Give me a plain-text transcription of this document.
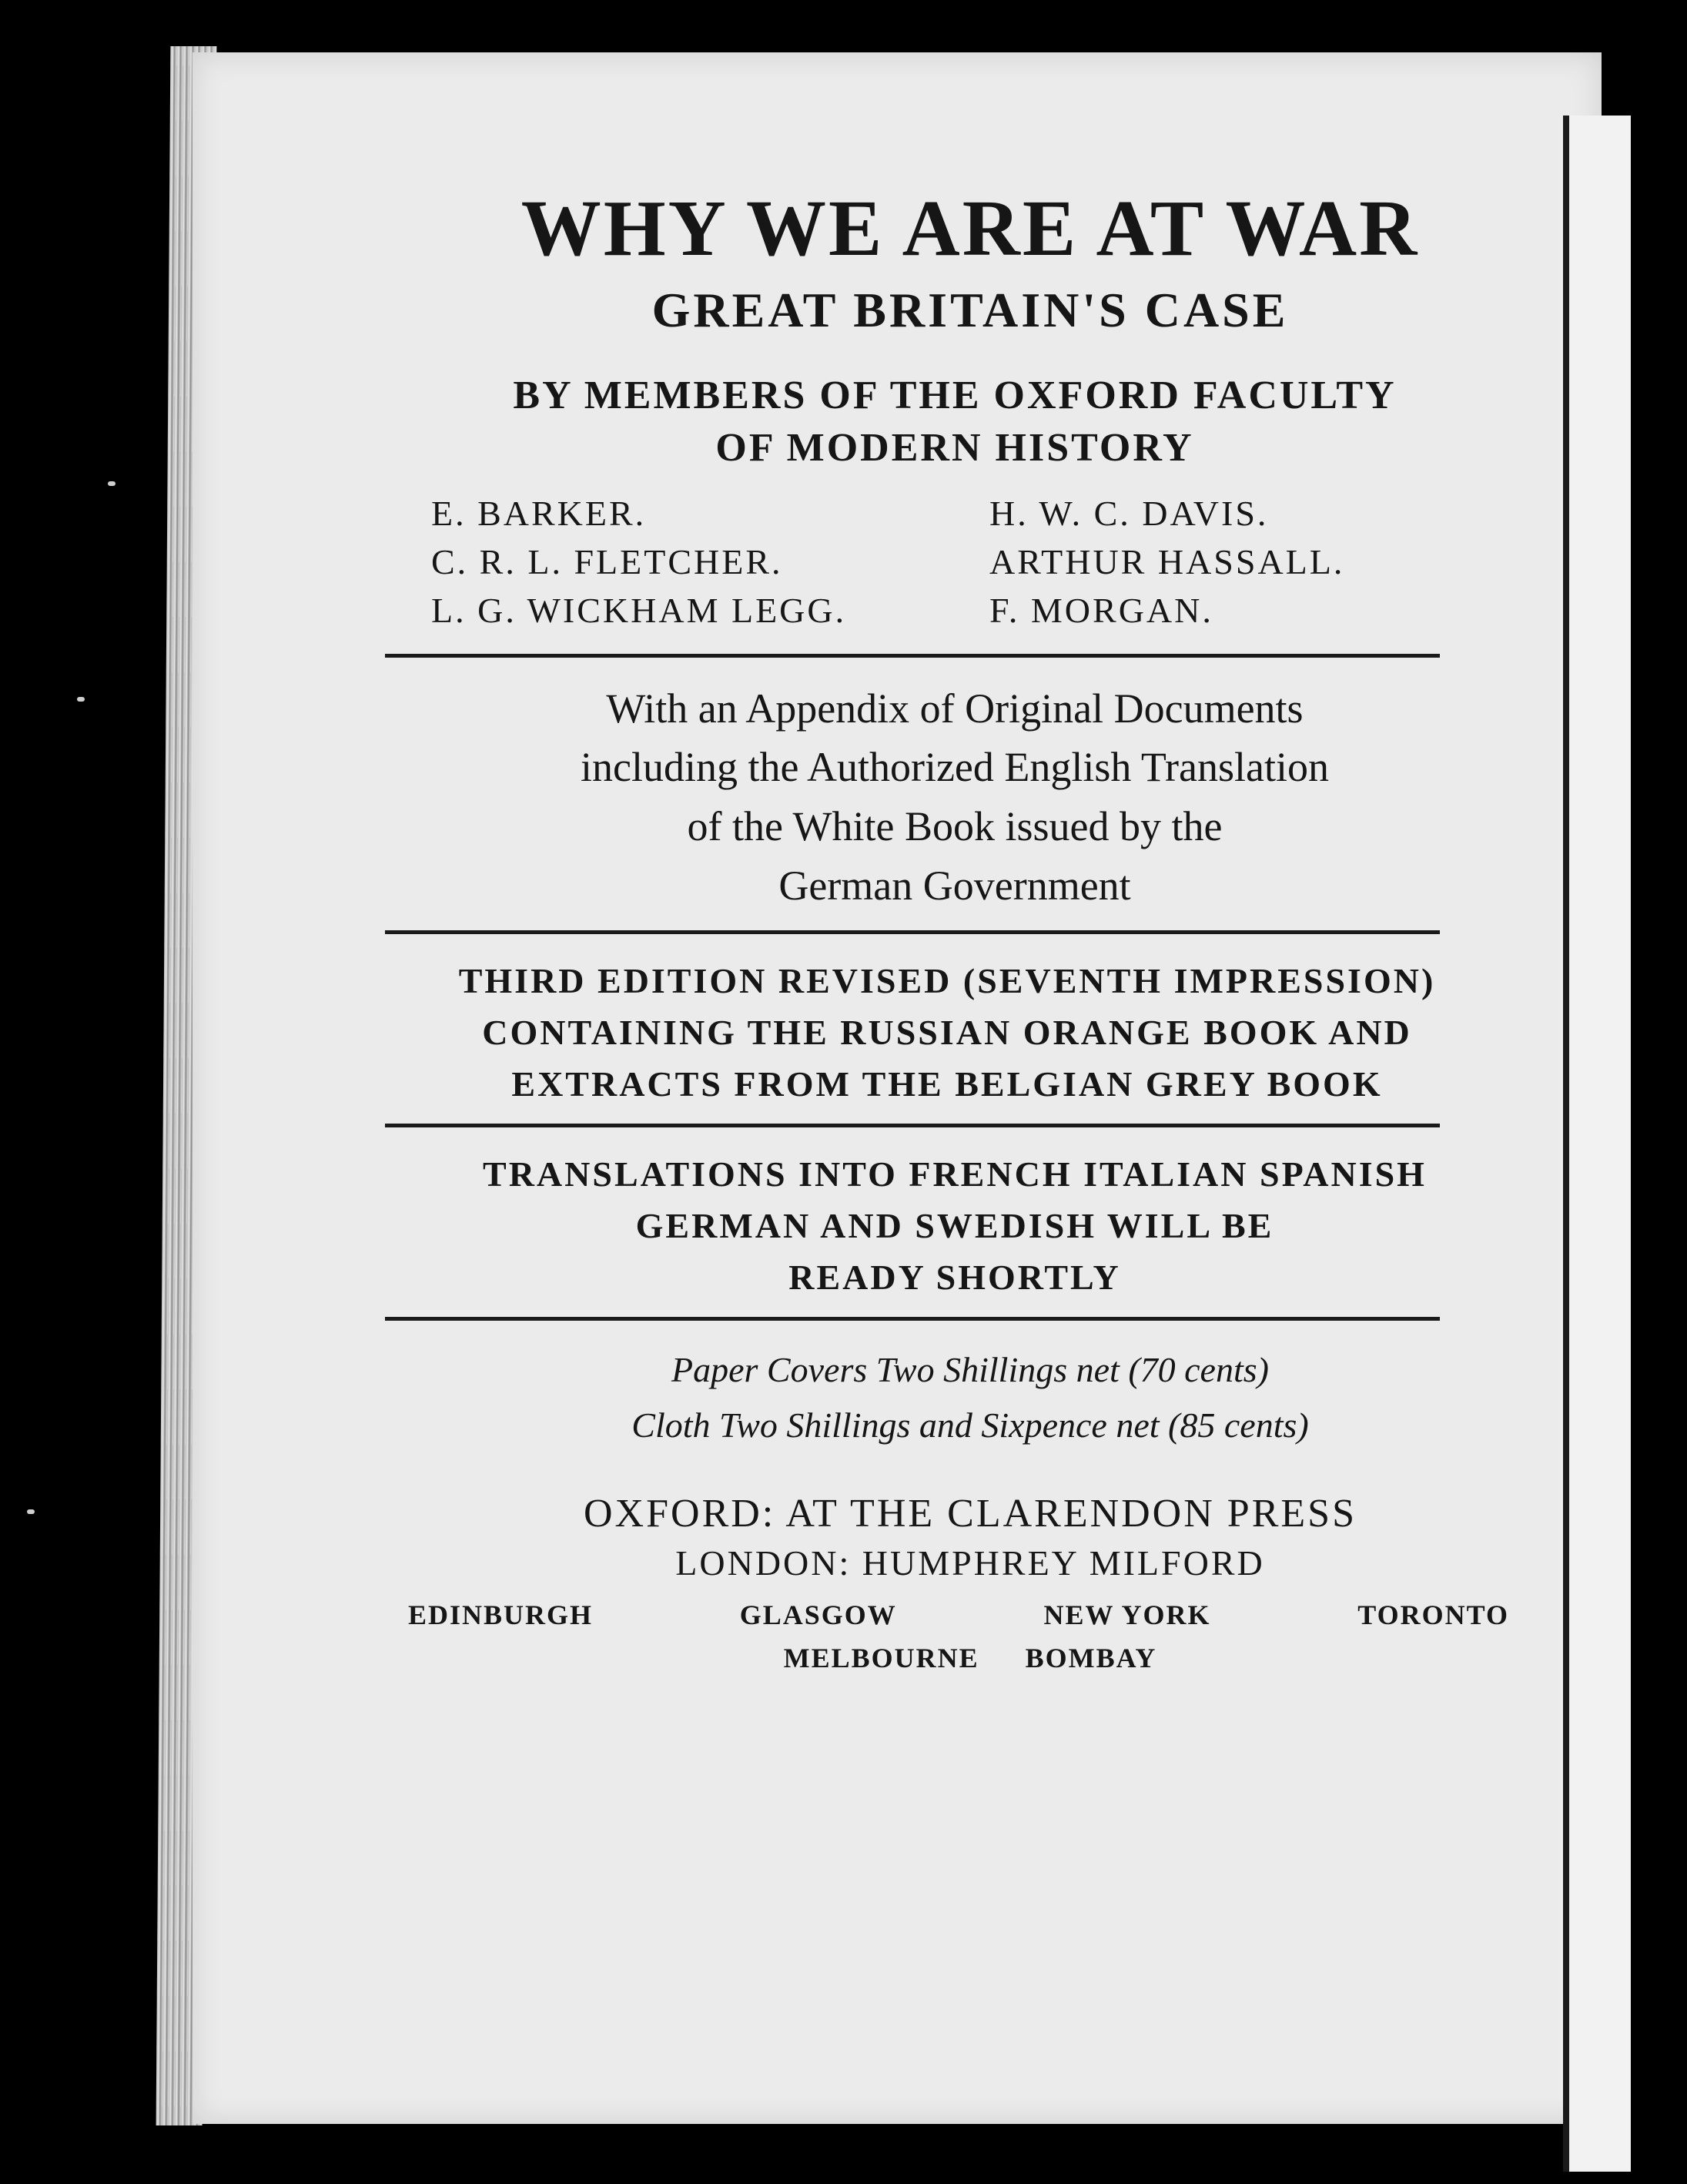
WHY WE ARE AT WAR
GREAT BRITAIN'S CASE
BY MEMBERS OF THE OXFORD FACULTY
OF MODERN HISTORY
E. BARKER.	H. W. C. DAVIS.
C. R. L. FLETCHER.	ARTHUR HASSALL.
L. G. WICKHAM LEGG.	F. MORGAN.
With an Appendix of Original Documents
including the Authorized English Translation
of the White Book issued by the
German Government
THIRD EDITION REVISED (SEVENTH IMPRESSION)
CONTAINING THE RUSSIAN ORANGE BOOK AND
EXTRACTS FROM THE BELGIAN GREY BOOK
TRANSLATIONS INTO FRENCH ITALIAN SPANISH
GERMAN AND SWEDISH WILL BE
READY SHORTLY
Paper Covers Two Shillings net (70 cents)
Cloth Two Shillings and Sixpence net (85 cents)
OXFORD: AT THE CLARENDON PRESS
LONDON: HUMPHREY MILFORD
EDINBURGH	GLASGOW	NEW YORK	TORONTO
MELBOURNE BOMBAY
